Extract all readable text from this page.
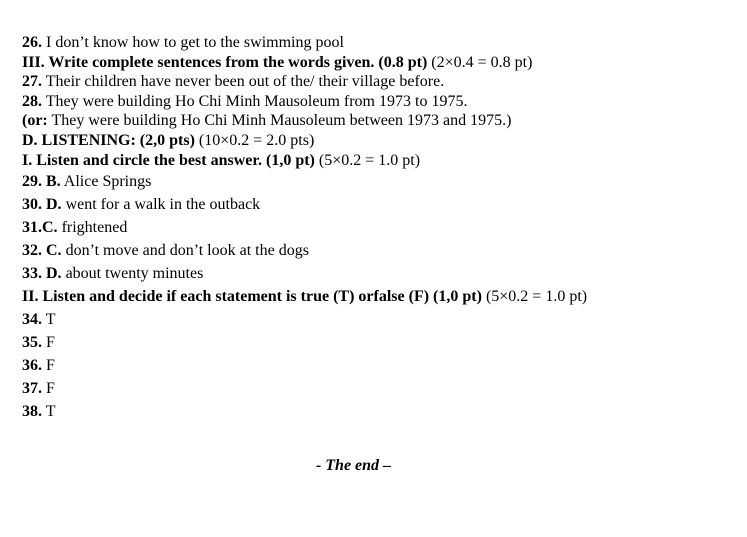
26. I don’t know how to get to the swimming pool
III. Write complete sentences from the words given. (0.8 pt) (2×0.4 = 0.8 pt)
27. Their children have never been out of the/ their village before.
28. They were building Ho Chi Minh Mausoleum from 1973 to 1975.
(or: They were building Ho Chi Minh Mausoleum between 1973 and 1975.)
D. LISTENING: (2,0 pts) (10×0.2 = 2.0 pts)
I. Listen and circle the best answer. (1,0 pt) (5×0.2 = 1.0 pt)
29. B. Alice Springs
30. D. went for a walk in the outback
31.C. frightened
32. C. don’t move and don’t look at the dogs
33. D. about twenty minutes
II. Listen and decide if each statement is true (T) orfalse (F) (1,0 pt) (5×0.2 = 1.0 pt)
34. T
35. F
36. F
37. F
38. T
- The end –
